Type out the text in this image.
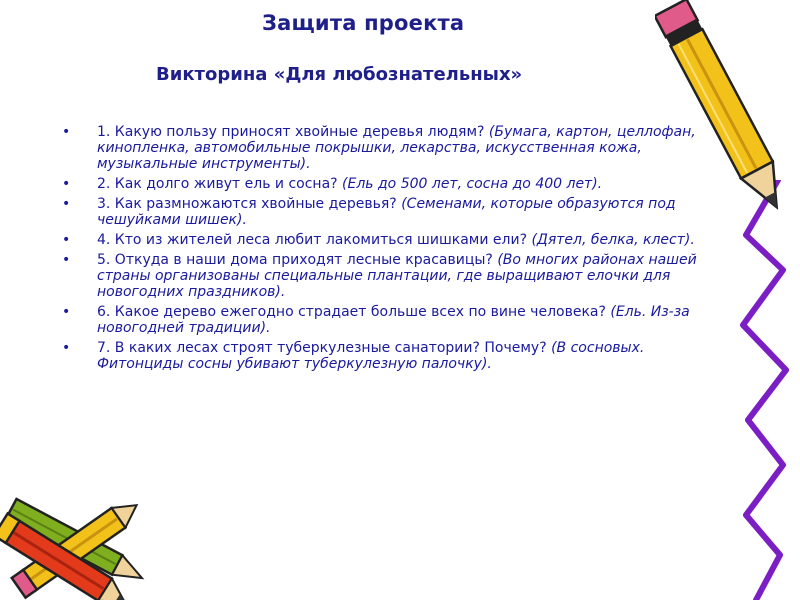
Защита проекта
Викторина «Для любознательных»
• 1. Какую пользу приносят хвойные деревья людям? (Бумага, картон, целлофан, кинопленка, автомобильные покрышки, лекарства, искусственная кожа, музыкальные инструменты).
• 2. Как долго живут ель и сосна? (Ель до 500 лет, сосна до 400 лет).
• 3. Как размножаются хвойные деревья? (Семенами, которые образуются под чешуйками шишек).
• 4. Кто из жителей леса любит лакомиться шишками ели? (Дятел, белка, клест).
• 5. Откуда в наши дома приходят лесные красавицы? (Во многих районах нашей страны организованы специальные плантации, где выращивают елочки для новогодних праздников).
• 6. Какое дерево ежегодно страдает больше всех по вине человека? (Ель. Из-за новогодней традиции).
• 7. В каких лесах строят туберкулезные санатории? Почему? (В сосновых. Фитонциды сосны убивают туберкулезную палочку).
